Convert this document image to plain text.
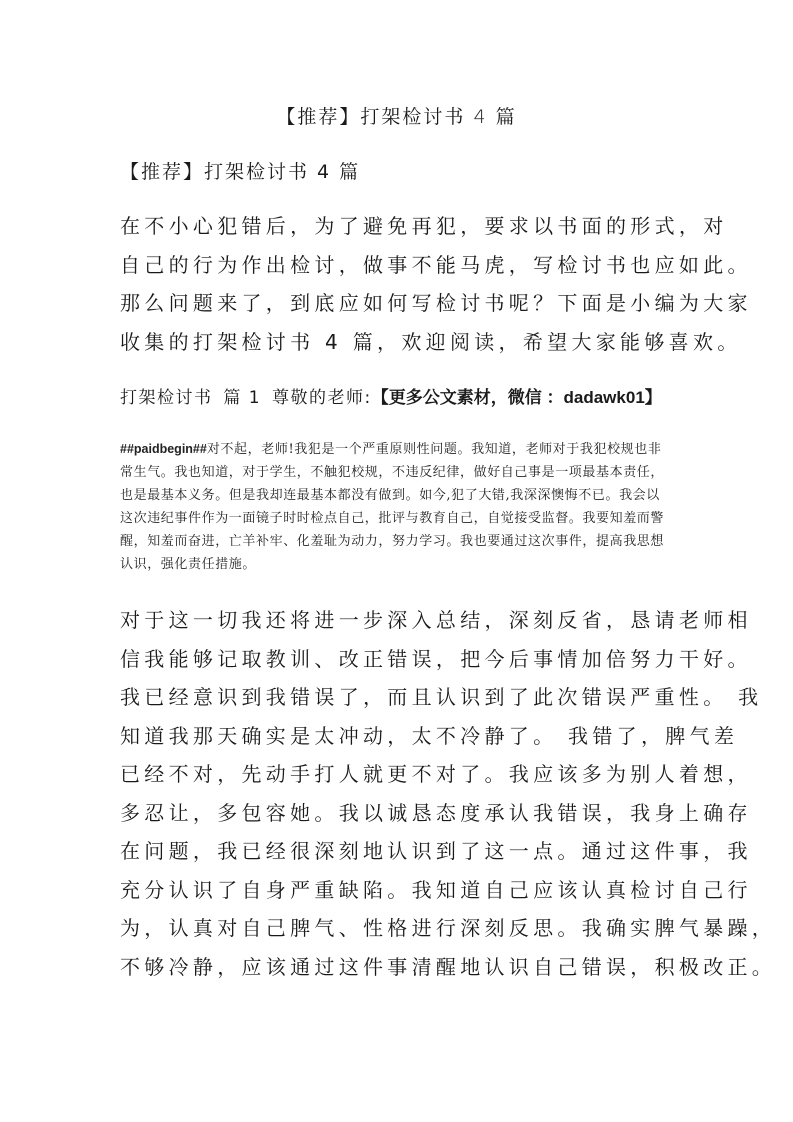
【推荐】打架检讨书 4 篇
【推荐】打架检讨书 4 篇
在不小心犯错后，为了避免再犯，要求以书面的形式，对
自己的行为作出检讨，做事不能马虎，写检讨书也应如此。
那么问题来了，到底应如何写检讨书呢？下面是小编为大家
收集的打架检讨书 4 篇，欢迎阅读，希望大家能够喜欢。
打架检讨书 篇 1 尊敬的老师:【更多公文素材，微信 ：dadawk01】
##paidbegin##对不起，老师!我犯是一个严重原则性问题。我知道，老师对于我犯校规也非
常生气。我也知道，对于学生，不触犯校规，不违反纪律，做好自己事是一项最基本责任，
也是最基本义务。但是我却连最基本都没有做到。如今,犯了大错,我深深懊悔不已。我会以
这次违纪事件作为一面镜子时时检点自己，批评与教育自己，自觉接受监督。我要知羞而警
醒，知羞而奋进，亡羊补牢、化羞耻为动力，努力学习。我也要通过这次事件，提高我思想
认识，强化责任措施。
对于这一切我还将进一步深入总结，深刻反省，恳请老师相
信我能够记取教训、改正错误，把今后事情加倍努力干好。
我已经意识到我错误了，而且认识到了此次错误严重性。 我
知道我那天确实是太冲动，太不冷静了。 我错了，脾气差
已经不对，先动手打人就更不对了。我应该多为别人着想，
多忍让，多包容她。我以诚恳态度承认我错误，我身上确存
在问题，我已经很深刻地认识到了这一点。通过这件事，我
充分认识了自身严重缺陷。我知道自己应该认真检讨自己行
为，认真对自己脾气、性格进行深刻反思。我确实脾气暴躁，
不够冷静，应该通过这件事清醒地认识自己错误，积极改正。
